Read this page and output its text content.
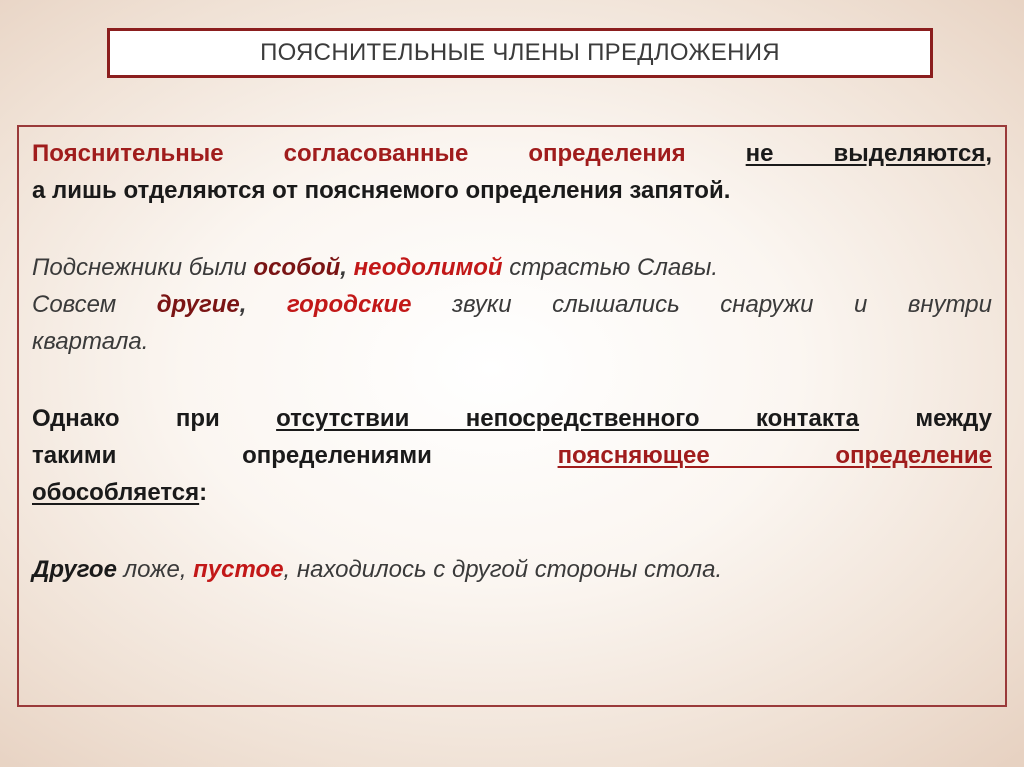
ПОЯСНИТЕЛЬНЫЕ ЧЛЕНЫ ПРЕДЛОЖЕНИЯ

Пояснительные согласованные определения	не выделяются,

а лишь отделяются от поясняемого определения запятой.

Подснежники были особой, неодолимой страстью Славы.

Совсем другие, городские звуки слышались снаружи и внутри

квартала.

Однако при отсутствии непосредственного контакта между

такими определениями поясняющее определение

обособляется:

Другое ложе, пустое, находилось с другой стороны стола.
